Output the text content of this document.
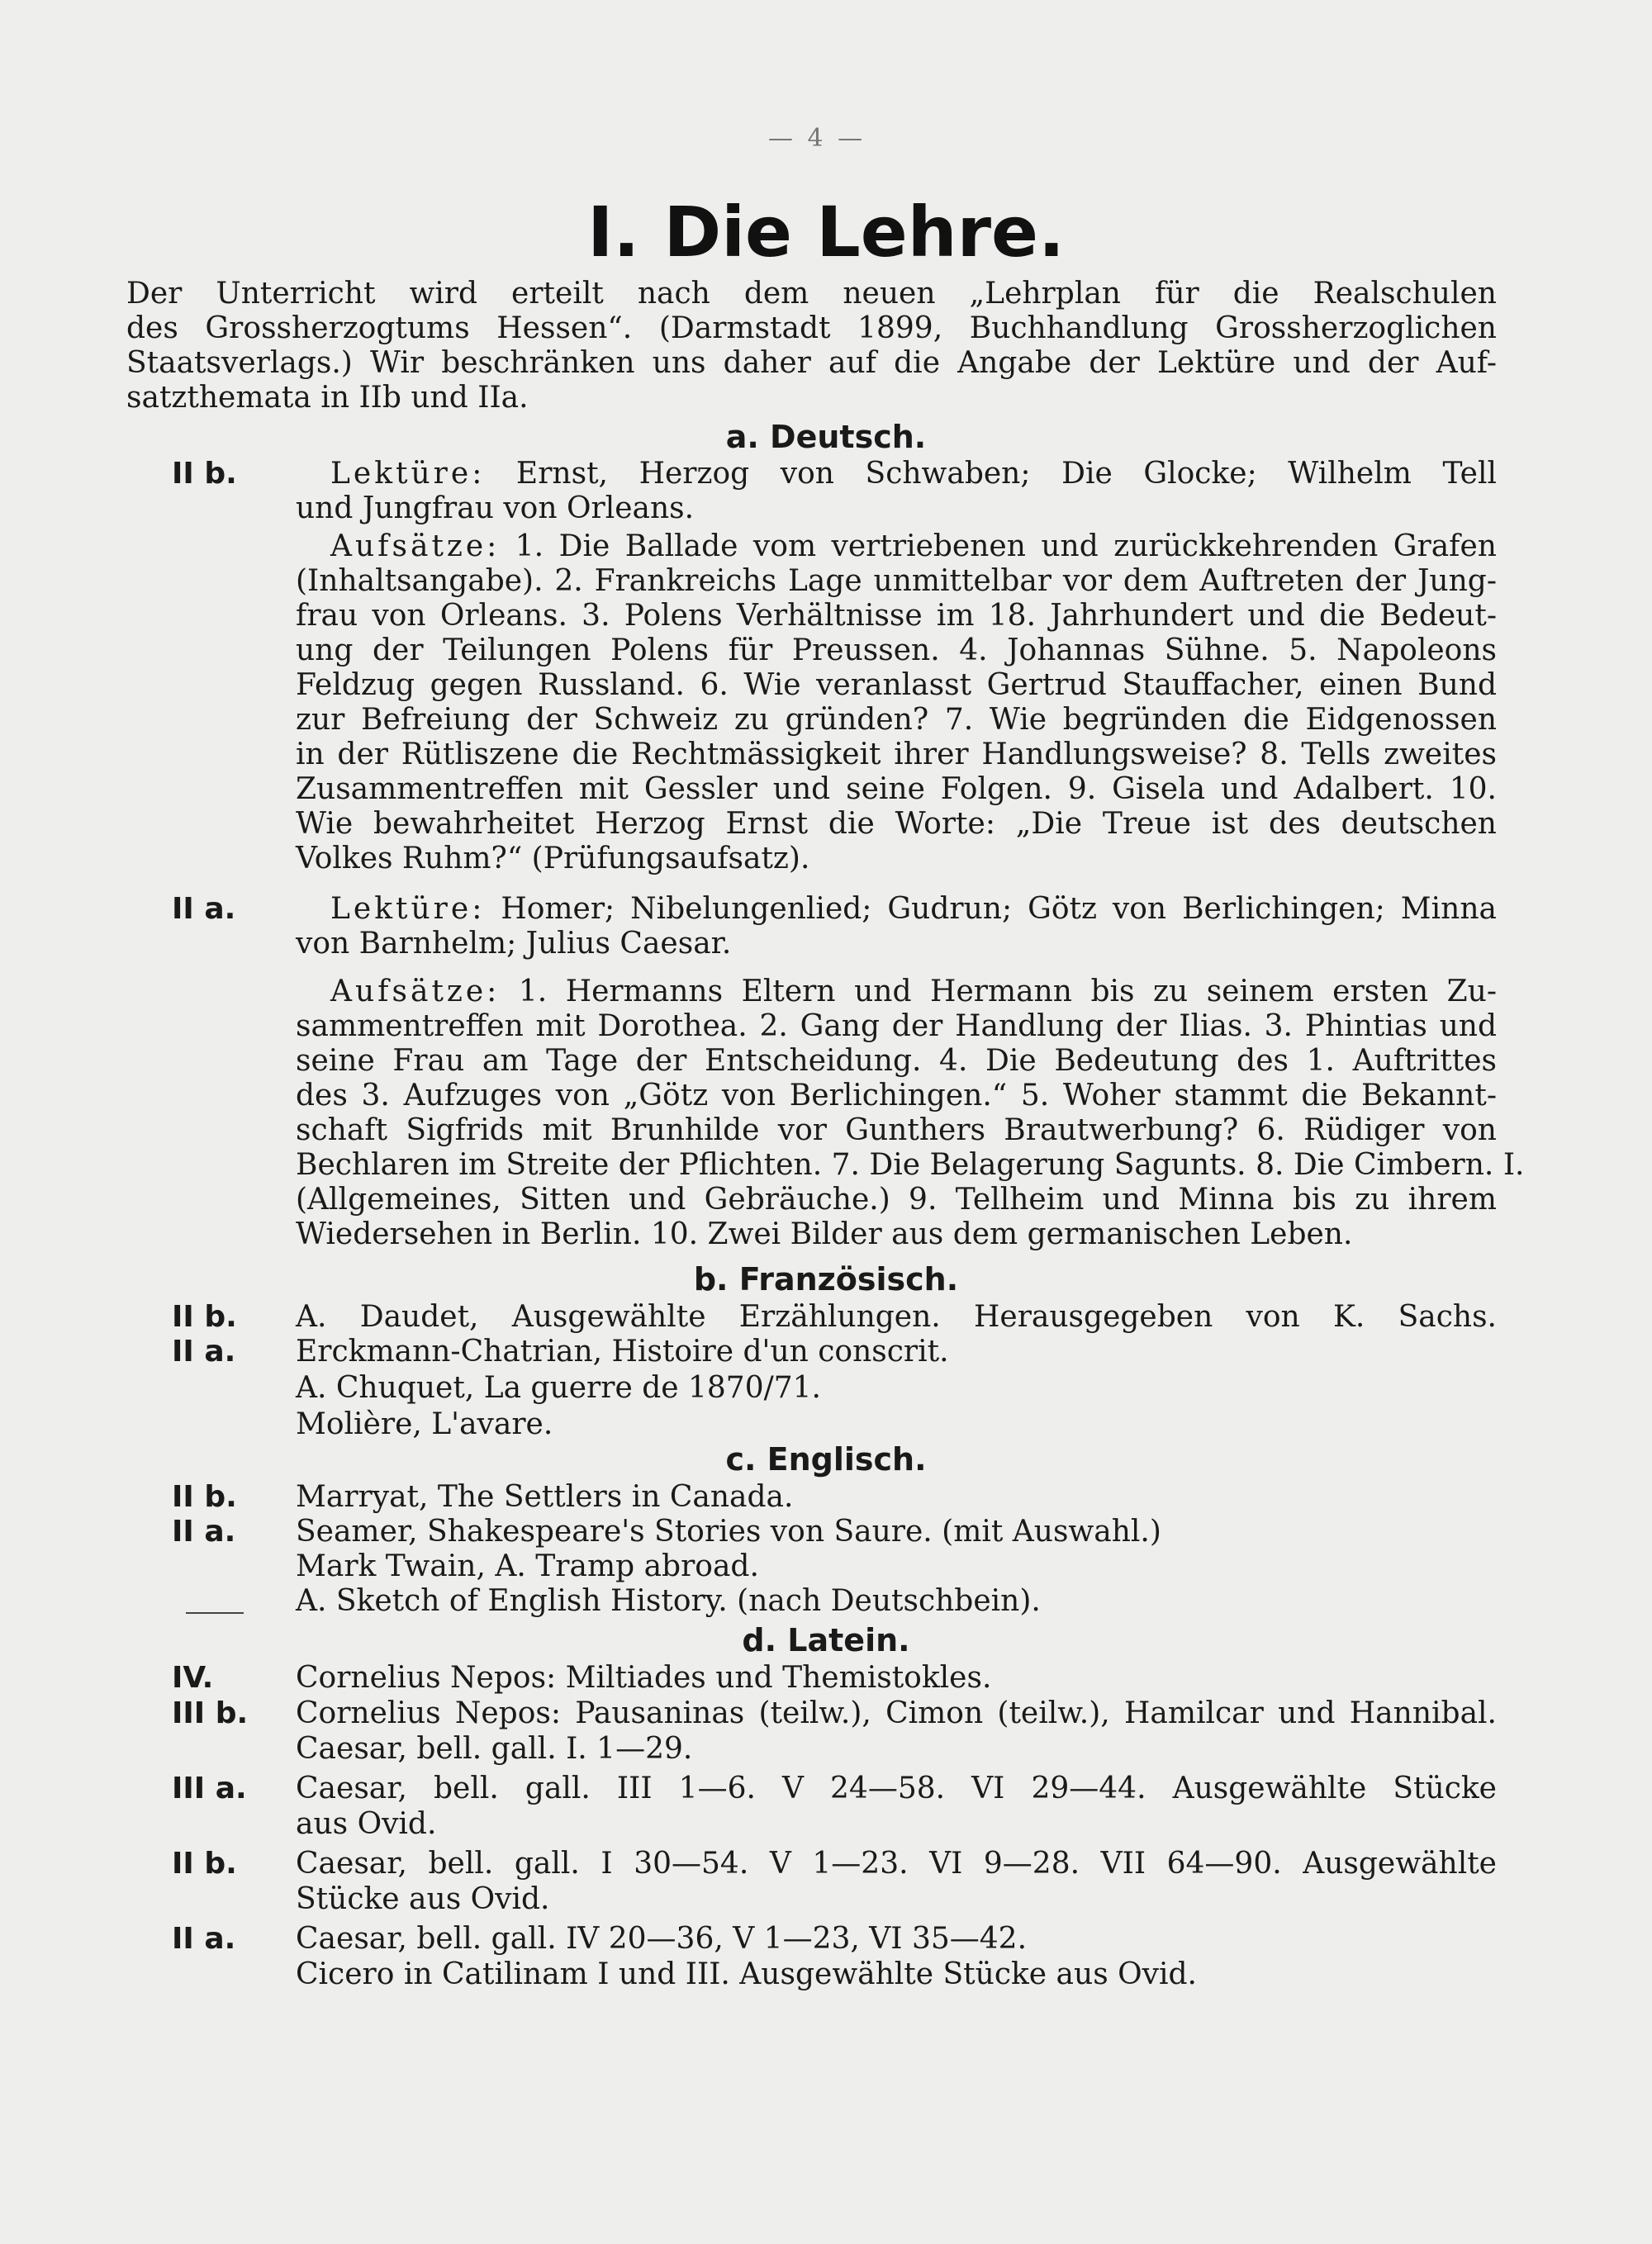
— 4 —
I. Die Lehre.
Der Unterricht wird erteilt nach dem neuen „Lehrplan für die Realschulen
des Grossherzogtums Hessen“. (Darmstadt 1899, Buchhandlung Grossherzoglichen
Staatsverlags.) Wir beschränken uns daher auf die Angabe der Lektüre und der Auf-
satzthemata in IIb und IIa.
a. Deutsch.
II b.	Lektüre: Ernst, Herzog von Schwaben; Die Glocke; Wilhelm Tell
und Jungfrau von Orleans.
Aufsätze: 1. Die Ballade vom vertriebenen und zurückkehrenden Grafen
(Inhaltsangabe). 2. Frankreichs Lage unmittelbar vor dem Auftreten der Jung-
frau von Orleans. 3. Polens Verhältnisse im 18. Jahrhundert und die Bedeut-
ung der Teilungen Polens für Preussen. 4. Johannas Sühne. 5. Napoleons
Feldzug gegen Russland. 6. Wie veranlasst Gertrud Stauffacher, einen Bund
zur Befreiung der Schweiz zu gründen? 7. Wie begründen die Eidgenossen
in der Rütliszene die Rechtmässigkeit ihrer Handlungsweise? 8. Tells zweites
Zusammentreffen mit Gessler und seine Folgen. 9. Gisela und Adalbert. 10.
Wie bewahrheitet Herzog Ernst die Worte: „Die Treue ist des deutschen
Volkes Ruhm?“ (Prüfungsaufsatz).
II a.	Lektüre: Homer; Nibelungenlied; Gudrun; Götz von Berlichingen; Minna
von Barnhelm; Julius Caesar.
Aufsätze: 1. Hermanns Eltern und Hermann bis zu seinem ersten Zu-
sammentreffen mit Dorothea. 2. Gang der Handlung der Ilias. 3. Phintias und
seine Frau am Tage der Entscheidung. 4. Die Bedeutung des 1. Auftrittes
des 3. Aufzuges von „Götz von Berlichingen.“ 5. Woher stammt die Bekannt-
schaft Sigfrids mit Brunhilde vor Gunthers Brautwerbung? 6. Rüdiger von
Bechlaren im Streite der Pflichten. 7. Die Belagerung Sagunts. 8. Die Cimbern. I.
(Allgemeines, Sitten und Gebräuche.) 9. Tellheim und Minna bis zu ihrem
Wiedersehen in Berlin. 10. Zwei Bilder aus dem germanischen Leben.
b. Französisch.
II b. A. Daudet, Ausgewählte Erzählungen. Herausgegeben von K. Sachs.
II a. Erckmann-Chatrian, Histoire d'un conscrit.
A. Chuquet, La guerre de 1870/71.
Molière, L'avare.
c. Englisch.
II b. Marryat, The Settlers in Canada.
II a. Seamer, Shakespeare's Stories von Saure. (mit Auswahl.)
Mark Twain, A. Tramp abroad.
A. Sketch of English History. (nach Deutschbein).
d. Latein.
IV.	Cornelius Nepos: Miltiades und Themistokles.
III b. Cornelius Nepos: Pausaninas (teilw.), Cimon (teilw.), Hamilcar und Hannibal.
Caesar, bell. gall. I. 1—29.
III a. Caesar, bell. gall. III 1—6. V 24—58. VI 29—44. Ausgewählte Stücke
aus Ovid.
II b. Caesar, bell. gall. I 30—54. V 1—23. VI 9—28. VII 64—90. Ausgewählte
Stücke aus Ovid.
II a. Caesar, bell. gall. IV 20—36, V 1—23, VI 35—42.
Cicero in Catilinam I und III. Ausgewählte Stücke aus Ovid.
